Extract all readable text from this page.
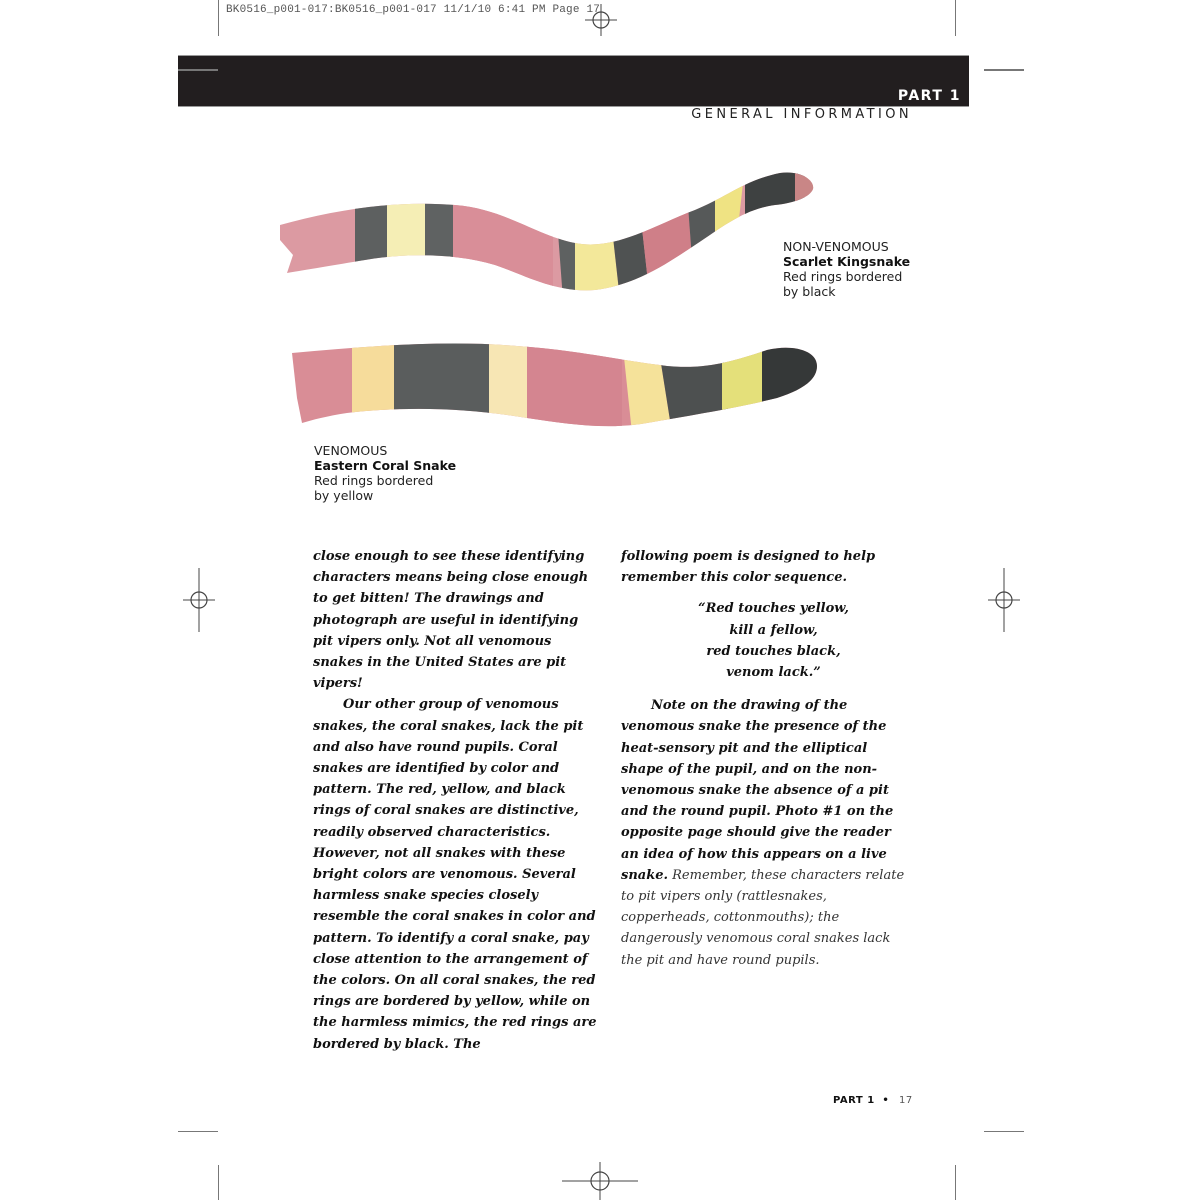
BK0516_p001-017:BK0516_p001-017 11/1/10 6:41 PM Page 17
PART 1
GENERAL INFORMATION
NON-VENOMOUS
Scarlet Kingsnake
Red rings bordered
by black
VENOMOUS
Eastern Coral Snake
Red rings bordered
by yellow

close enough to see these identifying characters means being close enough to get bitten! The drawings and photograph are useful in identifying pit vipers only. Not all venomous snakes in the United States are pit vipers!

Our other group of venomous snakes, the coral snakes, lack the pit and also have round pupils. Coral snakes are identified by color and pattern. The red, yellow, and black rings of coral snakes are distinctive, readily observed characteristics. However, not all snakes with these bright colors are venomous. Several harmless snake species closely resemble the coral snakes in color and pattern. To identify a coral snake, pay close attention to the arrangement of the colors. On all coral snakes, the red rings are bordered by yellow, while on the harmless mimics, the red rings are bordered by black. The

following poem is designed to help remember this color sequence.

“Red touches yellow,
kill a fellow,
red touches black,
venom lack.”

Note on the drawing of the venomous snake the presence of the heat-sensory pit and the elliptical shape of the pupil, and on the non-venomous snake the absence of a pit and the round pupil. Photo #1 on the opposite page should give the reader an idea of how this appears on a live snake. Remember, these characters relate to pit vipers only (rattlesnakes, copperheads, cottonmouths); the dangerously venomous coral snakes lack the pit and have round pupils.

PART 1 • 17
